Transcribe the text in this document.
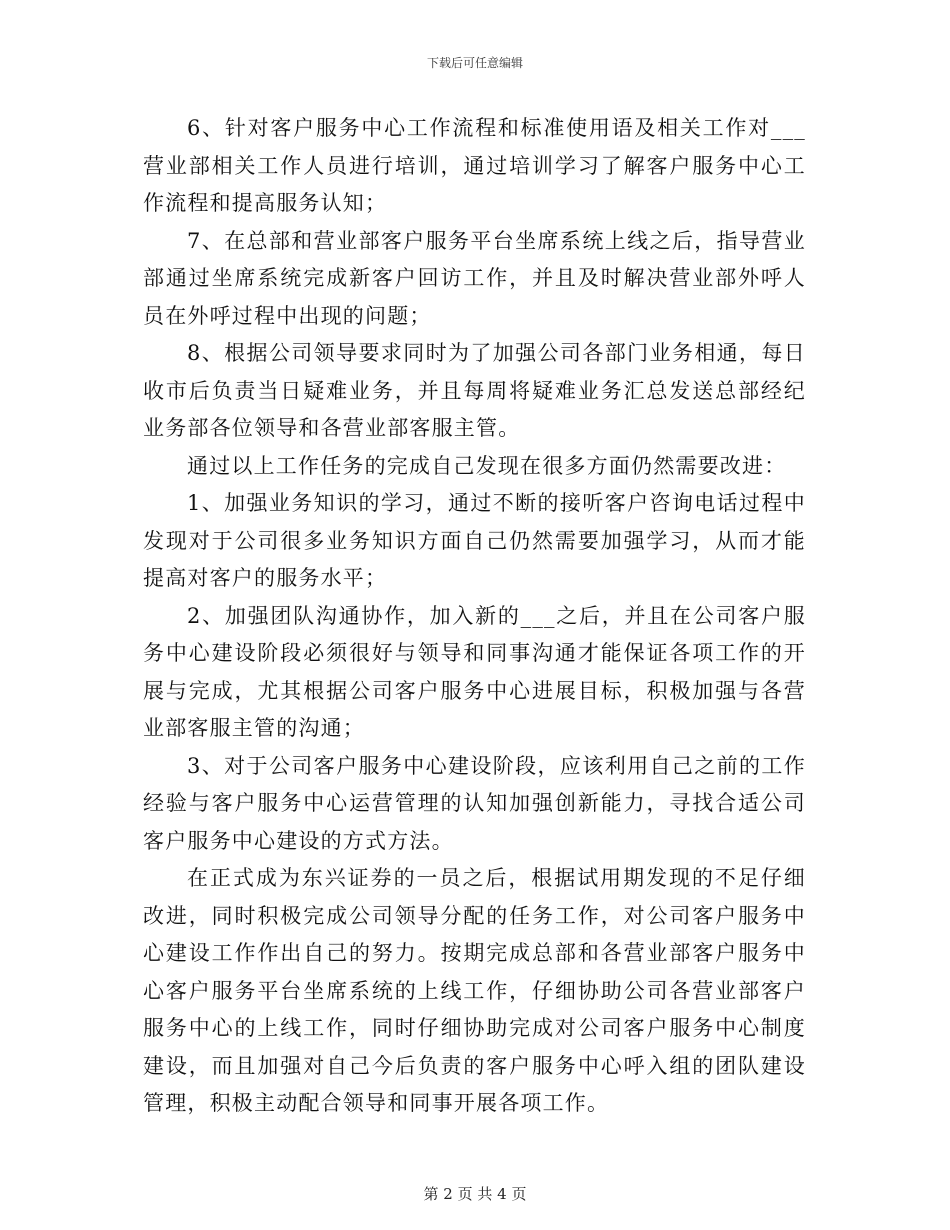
下载后可任意编辑

6、针对客户服务中心工作流程和标准使用语及相关工作对___营业部相关工作人员进行培训，通过培训学习了解客户服务中心工作流程和提高服务认知；

7、在总部和营业部客户服务平台坐席系统上线之后，指导营业部通过坐席系统完成新客户回访工作，并且及时解决营业部外呼人员在外呼过程中出现的问题；

8、根据公司领导要求同时为了加强公司各部门业务相通，每日收市后负责当日疑难业务，并且每周将疑难业务汇总发送总部经纪业务部各位领导和各营业部客服主管。

通过以上工作任务的完成自己发现在很多方面仍然需要改进：

1、加强业务知识的学习，通过不断的接听客户咨询电话过程中发现对于公司很多业务知识方面自己仍然需要加强学习，从而才能提高对客户的服务水平；

2、加强团队沟通协作，加入新的___之后，并且在公司客户服务中心建设阶段必须很好与领导和同事沟通才能保证各项工作的开展与完成，尤其根据公司客户服务中心进展目标，积极加强与各营业部客服主管的沟通；

3、对于公司客户服务中心建设阶段，应该利用自己之前的工作经验与客户服务中心运营管理的认知加强创新能力，寻找合适公司客户服务中心建设的方式方法。

在正式成为东兴证券的一员之后，根据试用期发现的不足仔细改进，同时积极完成公司领导分配的任务工作，对公司客户服务中心建设工作作出自己的努力。按期完成总部和各营业部客户服务中心客户服务平台坐席系统的上线工作，仔细协助公司各营业部客户服务中心的上线工作，同时仔细协助完成对公司客户服务中心制度建设，而且加强对自己今后负责的客户服务中心呼入组的团队建设管理，积极主动配合领导和同事开展各项工作。

第 2 页 共 4 页
